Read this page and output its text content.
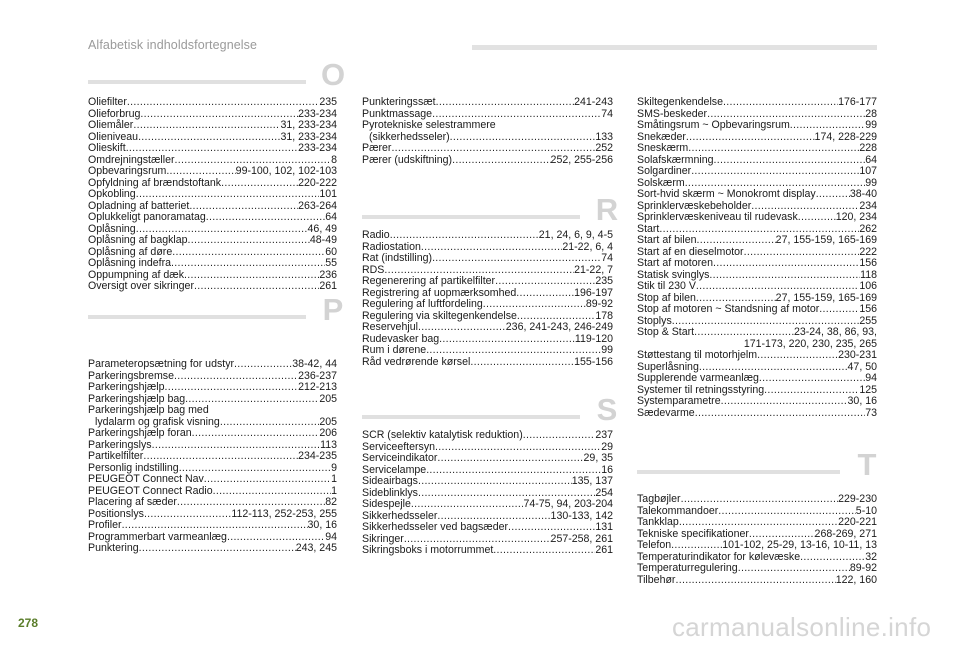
Alfabetisk indholdsfortegnelse
O
Oliefilter .....	235
Olieforbrug .....	233-234
Oliemåler .....	31, 233-234
Olieniveau .....	31, 233-234
Olieskift .....	233-234
Omdrejningstæller .....	8
Opbevaringsrum .....	99-100, 102, 102-103
Opfyldning af brændstoftank .....	220-222
Opkobling .....	101
Opladning af batteriet .....	263-264
Oplukkeligt panoramatag .....	64
Oplåsning .....	46, 49
Oplåsning af bagklap .....	48-49
Oplåsning af døre .....	60
Oplåsning indefra .....	55
Oppumpning af dæk .....	236
Oversigt over sikringer .....	261
P
Parameteropsætning for udstyr .....	38-42, 44
Parkeringsbremse .....	236-237
Parkeringshjælp .....	212-213
Parkeringshjælp bag .....	205
Parkeringshjælp bag med
lydalarm og grafisk visning .....	205
Parkeringshjælp foran .....	206
Parkeringslys .....	113
Partikelfilter .....	234-235
Personlig indstilling .....	9
PEUGEOT Connect Nav .....	1
PEUGEOT Connect Radio .....	1
Placering af sæder .....	82
Positionslys .....	112-113, 252-253, 255
Profiler .....	30, 16
Programmerbart varmeanlæg .....	94
Punktering .....	243, 245
Punkteringssæt .....	241-243
Punktmassage .....	74
Pyrotekniske selestrammere
(sikkerhedsseler) .....	133
Pærer .....	252
Pærer (udskiftning) .....	252, 255-256
R
Radio .....	21, 24, 6, 9, 4-5
Radiostation .....	21-22, 6, 4
Rat (indstilling) .....	74
RDS .....	21-22, 7
Regenerering af partikelfilter .....	235
Registrering af uopmærksomhed .....	196-197
Regulering af luftfordeling .....	89-92
Regulering via skiltegenkendelse .....	178
Reservehjul .....	236, 241-243, 246-249
Rudevasker bag .....	119-120
Rum i dørene .....	99
Råd vedrørende kørsel .....	155-156
S
SCR (selektiv katalytisk reduktion) .....	237
Serviceeftersyn .....	29
Serviceindikator .....	29, 35
Servicelampe .....	16
Sideairbags .....	135, 137
Sideblinklys .....	254
Sidespejle .....	74-75, 94, 203-204
Sikkerhedsseler .....	130-133, 142
Sikkerhedsseler ved bagsæder .....	131
Sikringer .....	257-258, 261
Sikringsboks i motorrummet .....	261
Skiltegenkendelse .....	176-177
SMS-beskeder .....	28
Småtingsrum ~ Opbevaringsrum .....	99
Snekæder .....	174, 228-229
Sneskærm .....	228
Solafskærmning .....	64
Solgardiner .....	107
Solskærm .....	99
Sort-hvid skærm ~ Monokromt display .....	38-40
Sprinklervæskebeholder .....	234
Sprinklervæskeniveau til rudevask .....	120, 234
Start .....	262
Start af bilen .....	27, 155-159, 165-169
Start af en dieselmotor .....	222
Start af motoren .....	156
Statisk svinglys .....	118
Stik til 230 V .....	106
Stop af bilen .....	27, 155-159, 165-169
Stop af motoren ~ Standsning af motor .....	156
Stoplys .....	255
Stop & Start .....	23-24, 38, 86, 93,
171-173, 220, 230, 235, 265
Støttestang til motorhjelm .....	230-231
Superlåsning .....	47, 50
Supplerende varmeanlæg .....	94
Systemer til retningsstyring .....	125
Systemparametre .....	30, 16
Sædevarme .....	73
T
Tagbøjler .....	229-230
Talekommandoer .....	5-10
Tankklap .....	220-221
Tekniske specifikationer .....	268-269, 271
Telefon .....	101-102, 25-29, 13-16, 10-11, 13
Temperaturindikator for kølevæske .....	32
Temperaturregulering .....	89-92
Tilbehør .....	122, 160
278	carmanualsonline.info
